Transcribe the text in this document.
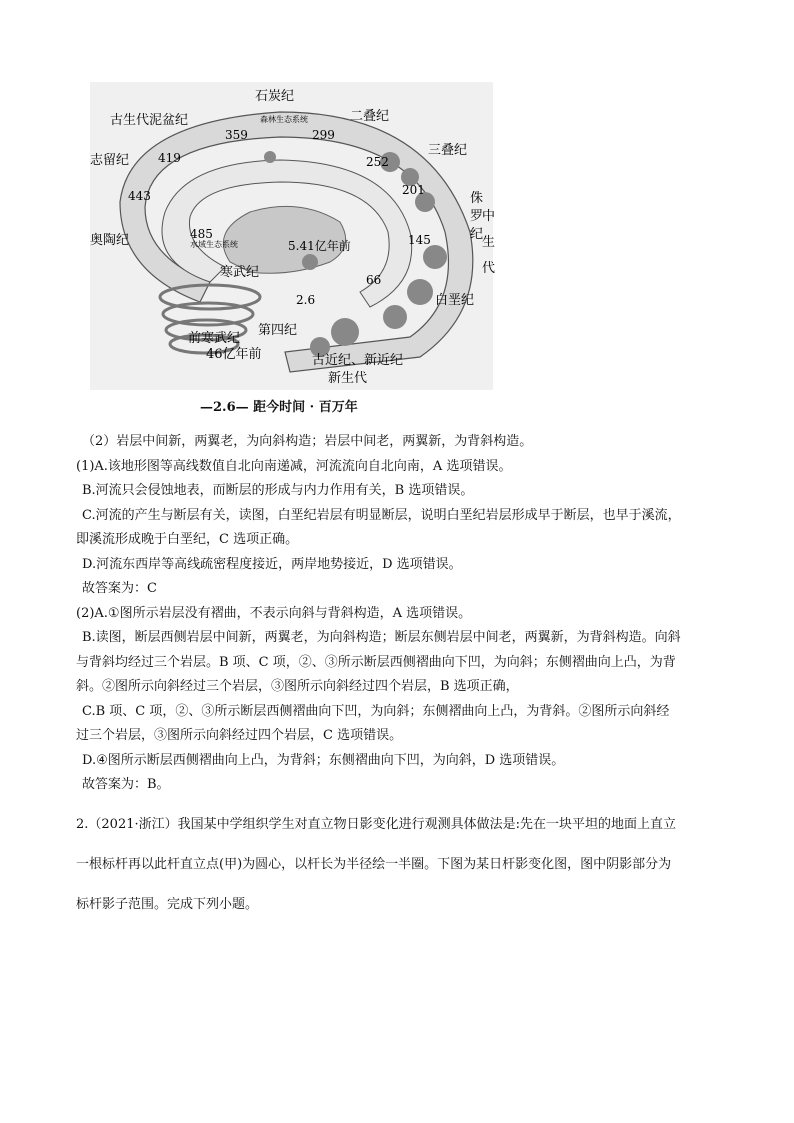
石炭纪
古生代泥盆纪	二叠纪
三叠纪
侏
罗
纪
中
生
代
志留纪
奥陶纪
寒武纪
前寒武纪
46亿年前
第四纪
白垩纪
古近纪、新近纪
新生代
森林生态系统
水域生态系统	5.41亿年前
359	299
419	252
443	201
485	145
66
2.6
—2.6— 距今时间 · 百万年
（2）岩层中间新，两翼老，为向斜构造；岩层中间老，两翼新，为背斜构造。
(1)A.该地形图等高线数值自北向南递减，河流流向自北向南，A 选项错误。
B.河流只会侵蚀地表，而断层的形成与内力作用有关，B 选项错误。
C.河流的产生与断层有关，读图，白垩纪岩层有明显断层，说明白垩纪岩层形成早于断层，也早于溪流，
即溪流形成晚于白垩纪，C 选项正确。
D.河流东西岸等高线疏密程度接近，两岸地势接近，D 选项错误。
故答案为：C
(2)A.①图所示岩层没有褶曲，不表示向斜与背斜构造，A 选项错误。
B.读图，断层西侧岩层中间新，两翼老，为向斜构造；断层东侧岩层中间老，两翼新，为背斜构造。向斜
与背斜均经过三个岩层。B 项、C 项，②、③所示断层西侧褶曲向下凹，为向斜；东侧褶曲向上凸，为背
斜。②图所示向斜经过三个岩层，③图所示向斜经过四个岩层，B 选项正确，
C.B 项、C 项，②、③所示断层西侧褶曲向下凹，为向斜；东侧褶曲向上凸，为背斜。②图所示向斜经
过三个岩层，③图所示向斜经过四个岩层，C 选项错误。
D.④图所示断层西侧褶曲向上凸，为背斜；东侧褶曲向下凹，为向斜，D 选项错误。
故答案为：B。
2.（2021·浙江）我国某中学组织学生对直立物日影变化进行观测具体做法是:先在一块平坦的地面上直立
一根标杆再以此杆直立点(甲)为圆心，以杆长为半径绘一半圈。下图为某日杆影变化图，图中阴影部分为
标杆影子范围。完成下列小题。
